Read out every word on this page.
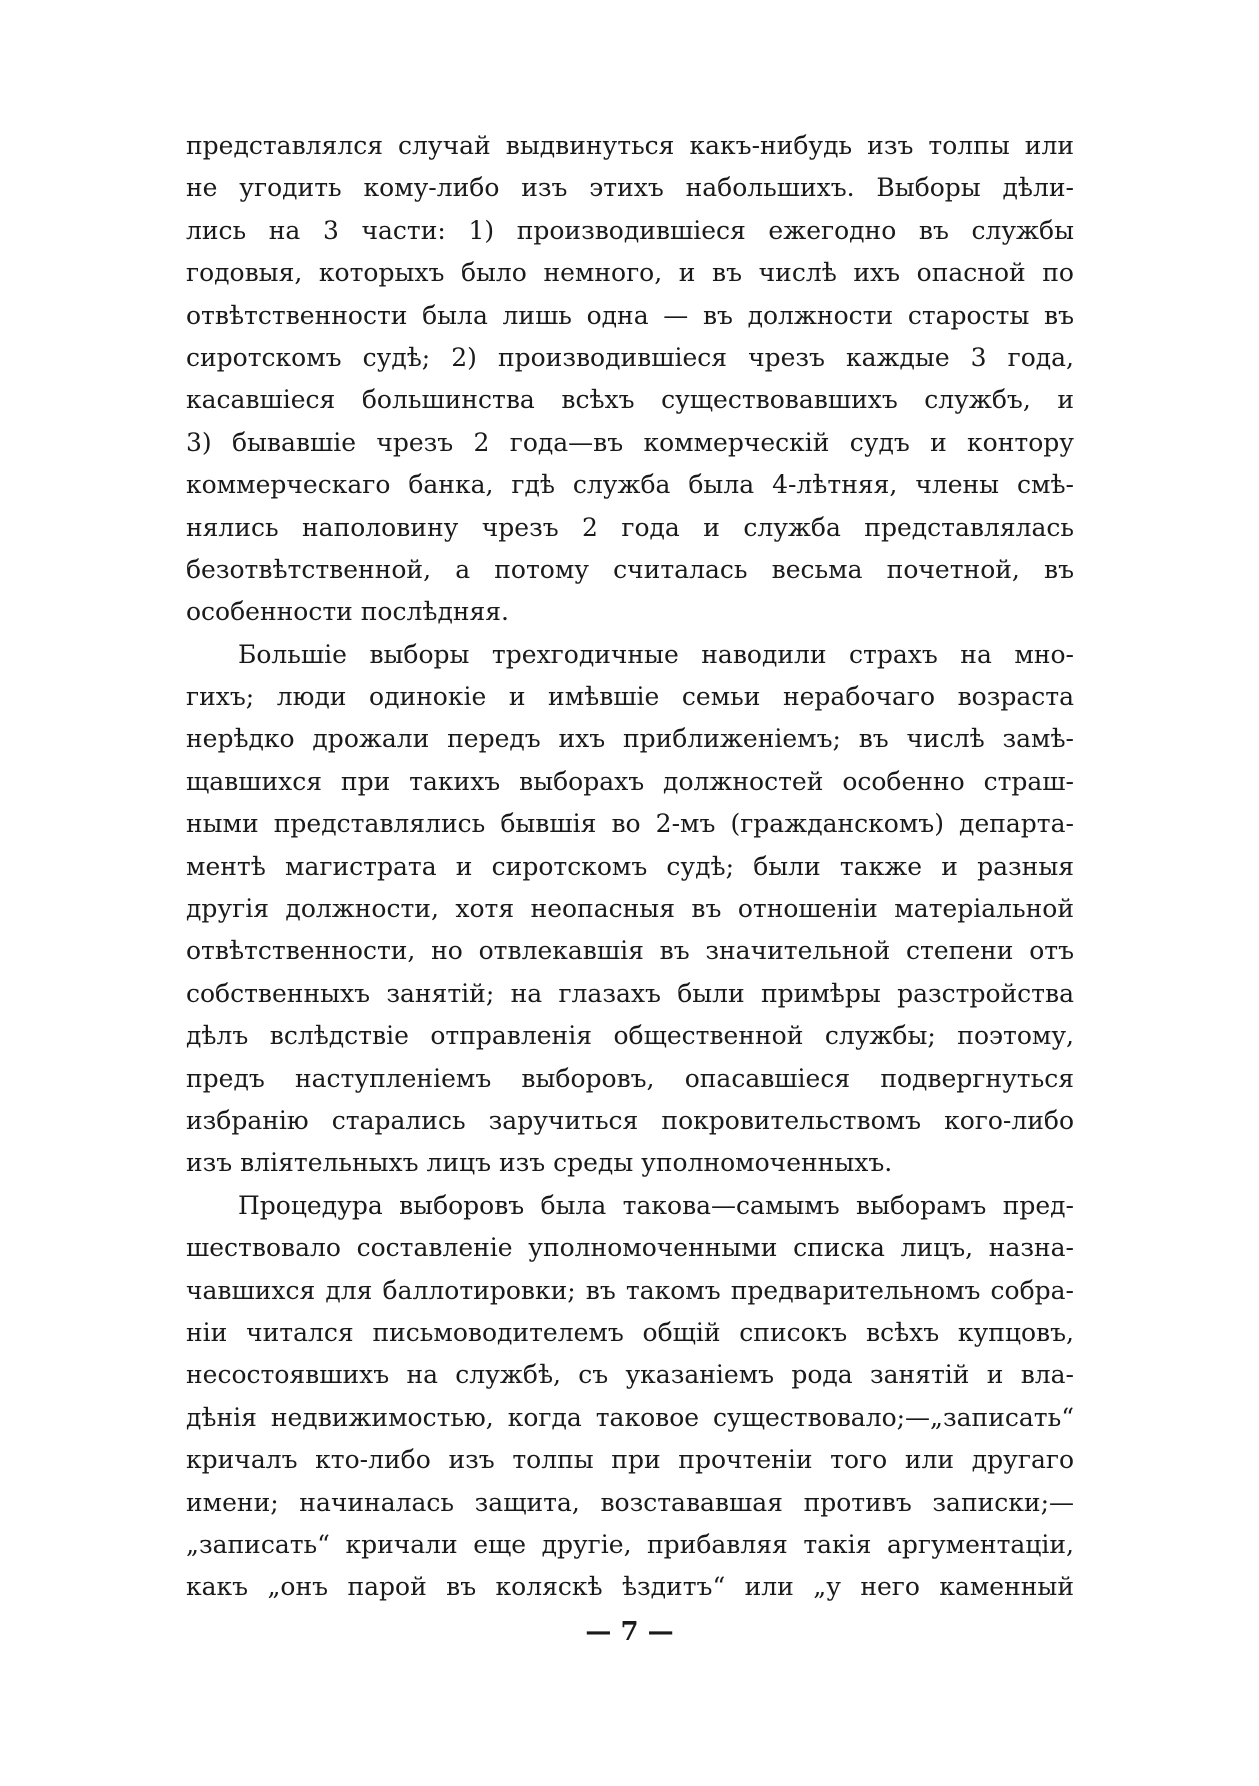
представлялся случай выдвинуться какъ-нибудь изъ толпы или
не угодить кому-либо изъ этихъ набольшихъ. Выборы дѣли-
лись на 3 части: 1) производившiеся ежегодно въ службы
годовыя, которыхъ было немного, и въ числѣ ихъ опасной по
отвѣтственности была лишь одна — въ должности старосты въ
сиротскомъ судѣ; 2) производившiеся чрезъ каждые 3 года,
касавшiеся большинства всѣхъ существовавшихъ службъ, и
3) бывавшiе чрезъ 2 года—въ коммерческiй судъ и контору
коммерческаго банка, гдѣ служба была 4-лѣтняя, члены смѣ-
нялись наполовину чрезъ 2 года и служба представлялась
безотвѣтственной, а потому считалась весьма почетной, въ
особенности послѣдняя.
Большiе выборы трехгодичные наводили страхъ на мно-
гихъ; люди одинокiе и имѣвшiе семьи нерабочаго возраста
нерѣдко дрожали передъ ихъ приближенiемъ; въ числѣ замѣ-
щавшихся при такихъ выборахъ должностей особенно страш-
ными представлялись бывшiя во 2-мъ (гражданскомъ) департа-
ментѣ магистрата и сиротскомъ судѣ; были также и разныя
другiя должности, хотя неопасныя въ отношенiи матерiальной
отвѣтственности, но отвлекавшiя въ значительной степени отъ
собственныхъ занятiй; на глазахъ были примѣры разстройства
дѣлъ вслѣдствiе отправленiя общественной службы; поэтому,
предъ наступленiемъ выборовъ, опасавшiеся подвергнуться
избранiю старались заручиться покровительствомъ кого-либо
изъ влiятельныхъ лицъ изъ среды уполномоченныхъ.
Процедура выборовъ была такова—самымъ выборамъ пред-
шествовало составленiе уполномоченными списка лицъ, назна-
чавшихся для баллотировки; въ такомъ предварительномъ собра-
нiи читался письмоводителемъ общiй списокъ всѣхъ купцовъ,
несостоявшихъ на службѣ, съ указанiемъ рода занятiй и вла-
дѣнiя недвижимостью, когда таковое существовало;—„записать“
кричалъ кто-либо изъ толпы при прочтенiи того или другаго
имени; начиналась защита, возстававшая противъ записки;—
„записать“ кричали еще другiе, прибавляя такiя аргументацiи,
какъ „онъ парой въ коляскѣ ѣздитъ“ или „у него каменный
— 7 —
